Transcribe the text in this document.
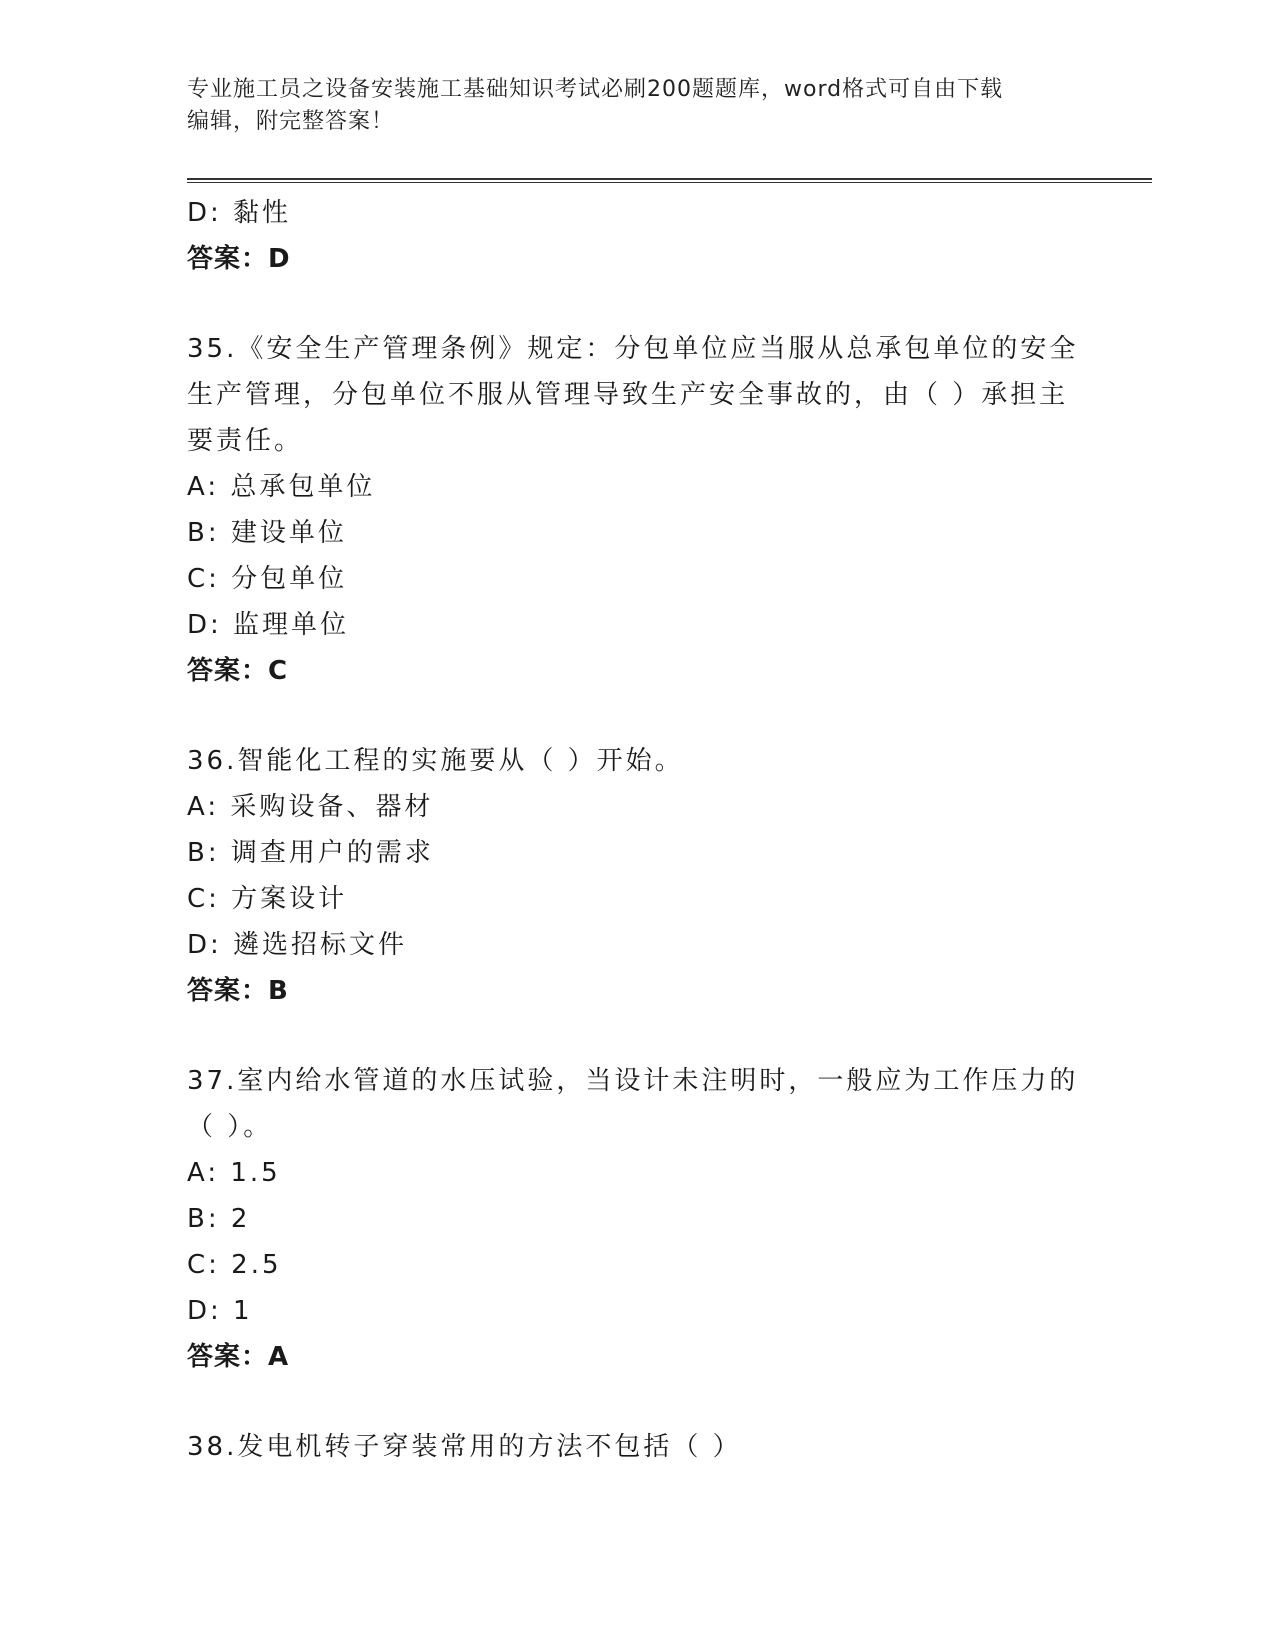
专业施工员之设备安装施工基础知识考试必刷200题题库，word格式可自由下载
编辑，附完整答案！
D: 黏性
答案：D
35.《安全生产管理条例》规定：分包单位应当服从总承包单位的安全
生产管理，分包单位不服从管理导致生产安全事故的，由（ ）承担主
要责任。
A: 总承包单位
B: 建设单位
C: 分包单位
D: 监理单位
答案：C
36.智能化工程的实施要从（ ）开始。
A: 采购设备、器材
B: 调查用户的需求
C: 方案设计
D: 遴选招标文件
答案：B
37.室内给水管道的水压试验，当设计未注明时，一般应为工作压力的
（ ）。
A: 1.5
B: 2
C: 2.5
D: 1
答案：A
38.发电机转子穿装常用的方法不包括（ ）
